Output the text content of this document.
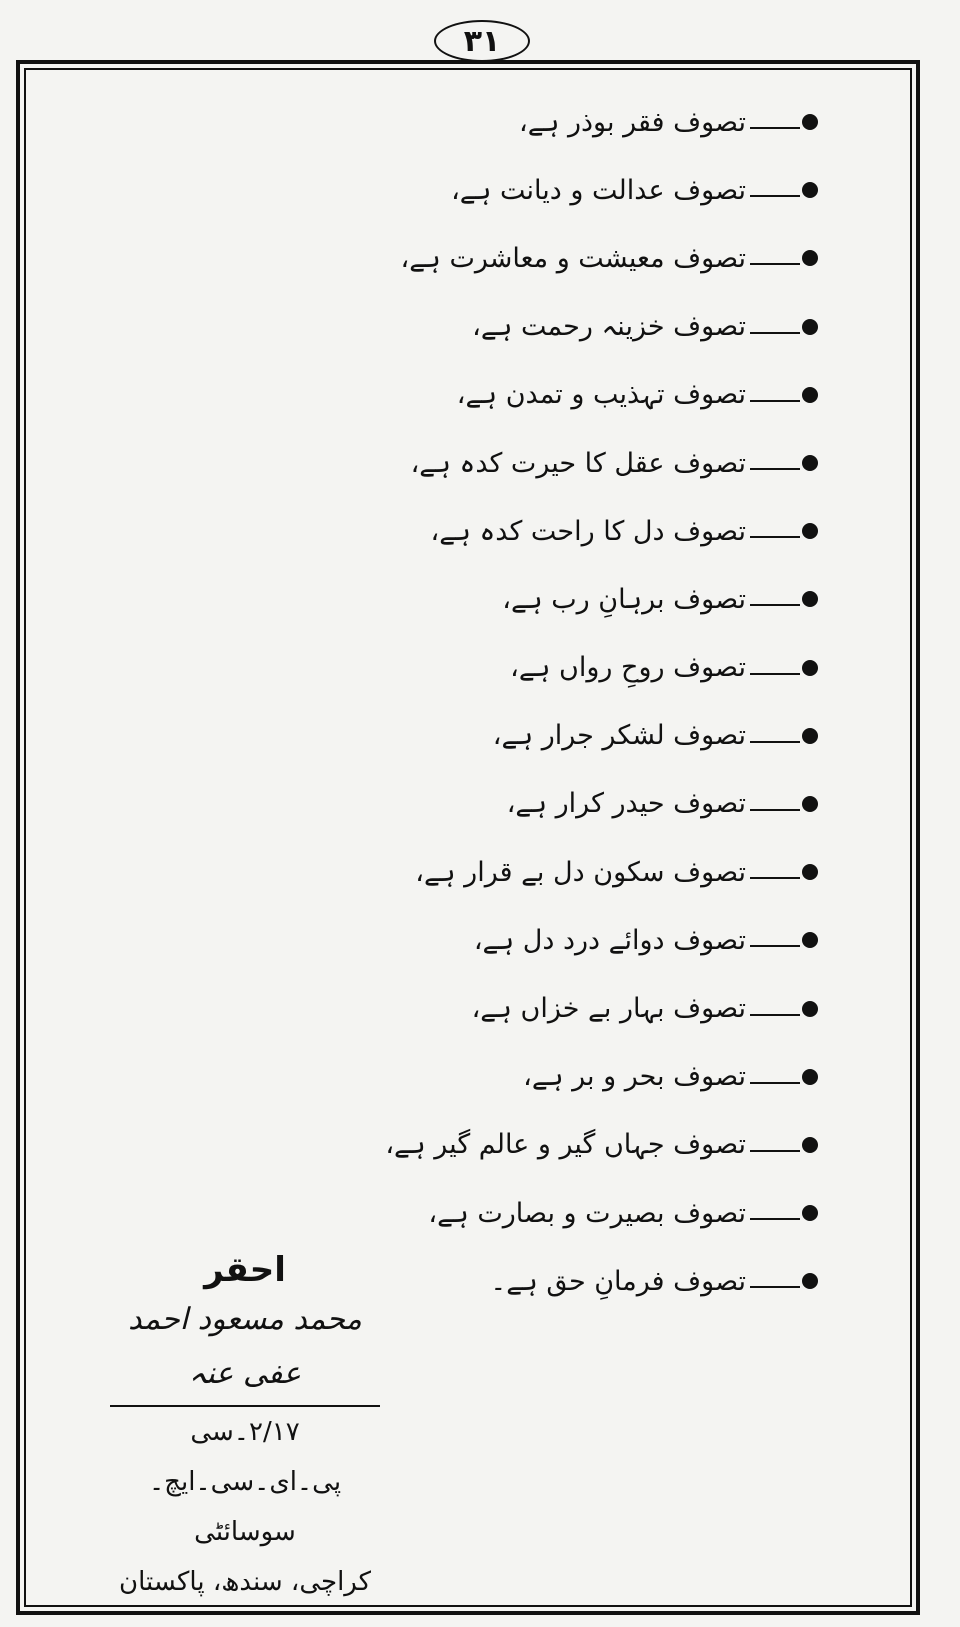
۳۱
تصوف فقر بوذر ہے،
تصوف عدالت و دیانت ہے،
تصوف معیشت و معاشرت ہے،
تصوف خزینہ رحمت ہے،
تصوف تہذیب و تمدن ہے،
تصوف عقل کا حیرت کدہ ہے،
تصوف دل کا راحت کدہ ہے،
تصوف برہانِ رب ہے،
تصوف روحِ رواں ہے،
تصوف لشکر جرار ہے،
تصوف حیدر کرار ہے،
تصوف سکون دل بے قرار ہے،
تصوف دوائے درد دل ہے،
تصوف بہار بے خزاں ہے،
تصوف بحر و بر ہے،
تصوف جہاں گیر و عالم گیر ہے،
تصوف بصیرت و بصارت ہے،
تصوف فرمانِ حق ہے۔

احقر

محمد مسعود احمد عفی عنہ

۲/۱۷۔سی

پی۔ای۔سی۔ایچ۔سوسائٹی

کراچی، سندھ، پاکستان
